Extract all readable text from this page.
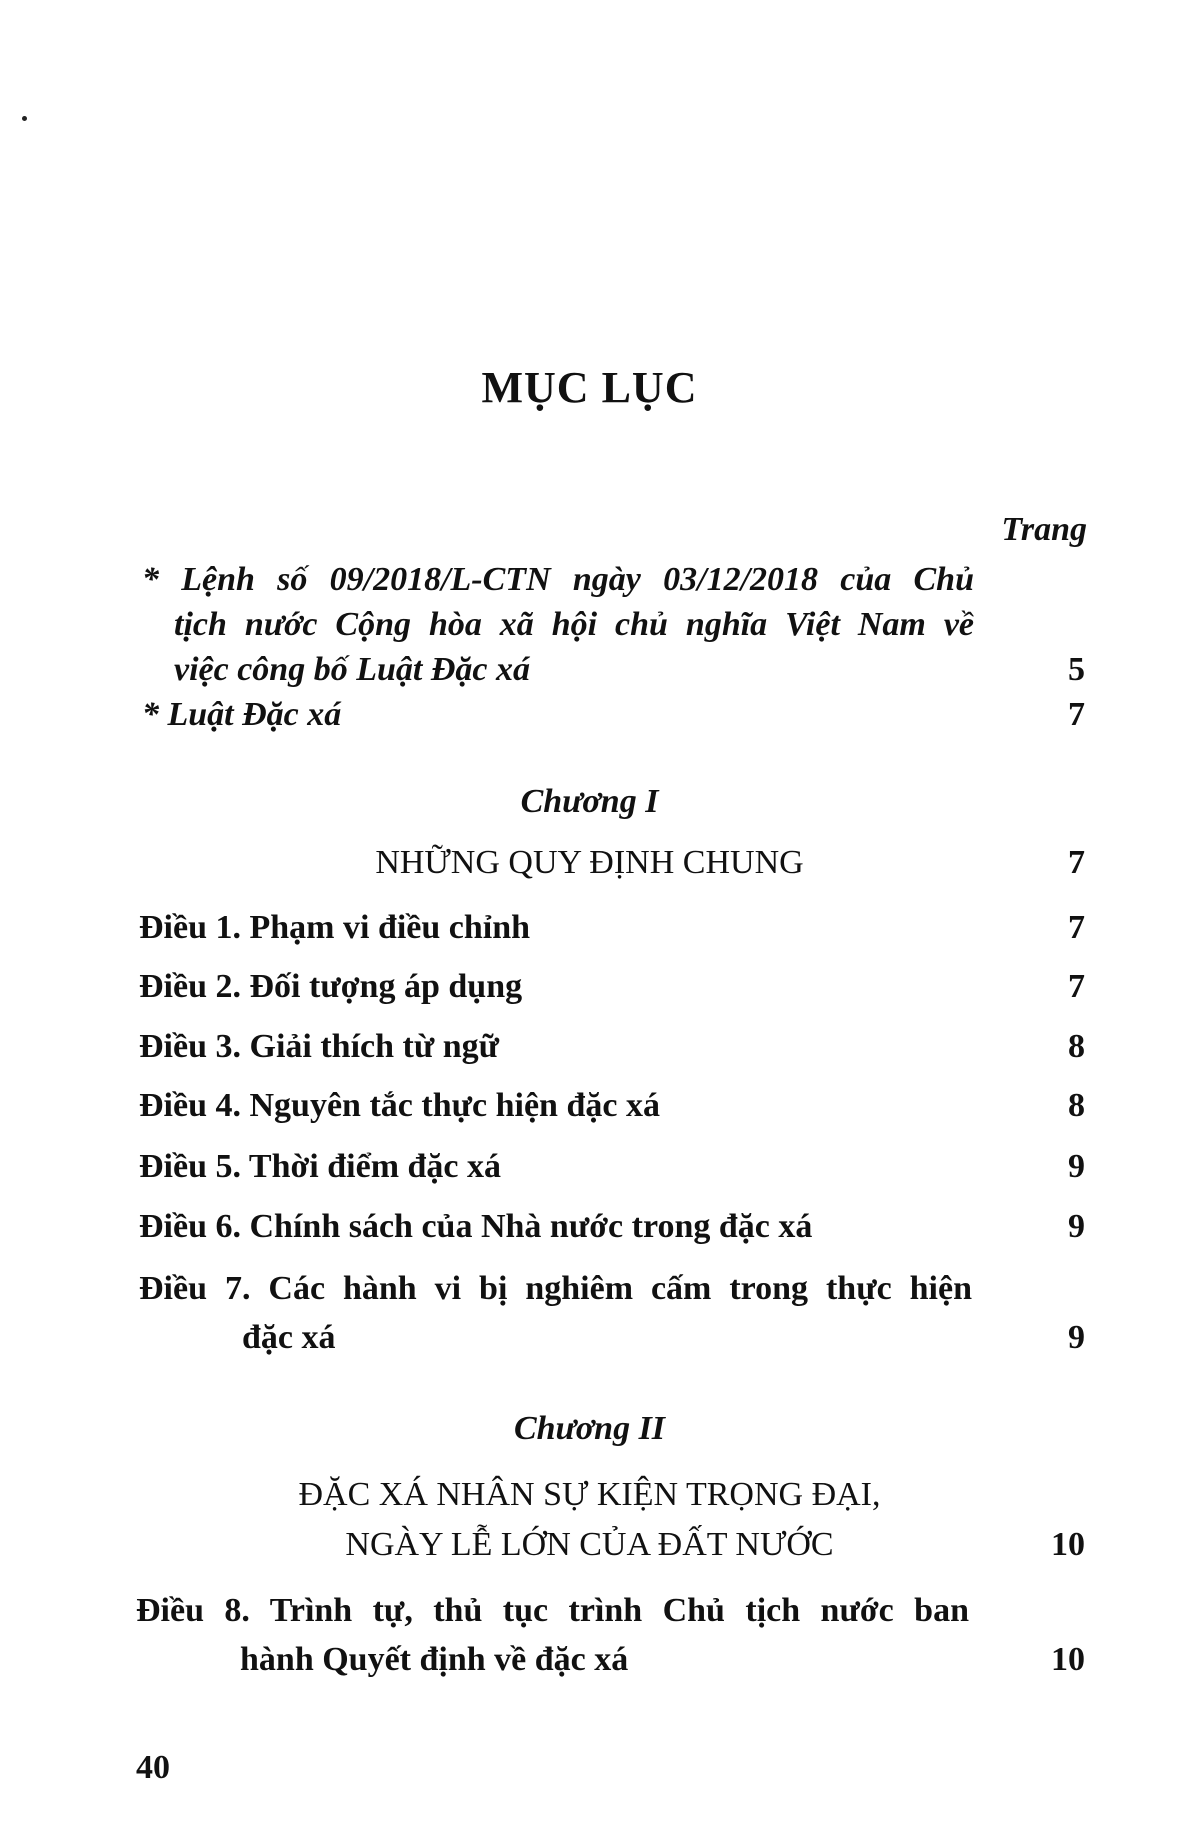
MỤC LỤC
Trang
* Lệnh số 09/2018/L-CTN ngày 03/12/2018 của Chủ
tịch nước Cộng hòa xã hội chủ nghĩa Việt Nam về
việc công bố Luật Đặc xá	5
* Luật Đặc xá	7
Chương I
NHỮNG QUY ĐỊNH CHUNG	7
Điều 1. Phạm vi điều chỉnh	7
Điều 2. Đối tượng áp dụng	7
Điều 3. Giải thích từ ngữ	8
Điều 4. Nguyên tắc thực hiện đặc xá	8
Điều 5. Thời điểm đặc xá	9
Điều 6. Chính sách của Nhà nước trong đặc xá	9
Điều 7. Các hành vi bị nghiêm cấm trong thực hiện
đặc xá	9
Chương II
ĐẶC XÁ NHÂN SỰ KIỆN TRỌNG ĐẠI,
NGÀY LỄ LỚN CỦA ĐẤT NƯỚC	10
Điều 8. Trình tự, thủ tục trình Chủ tịch nước ban
hành Quyết định về đặc xá	10
40
